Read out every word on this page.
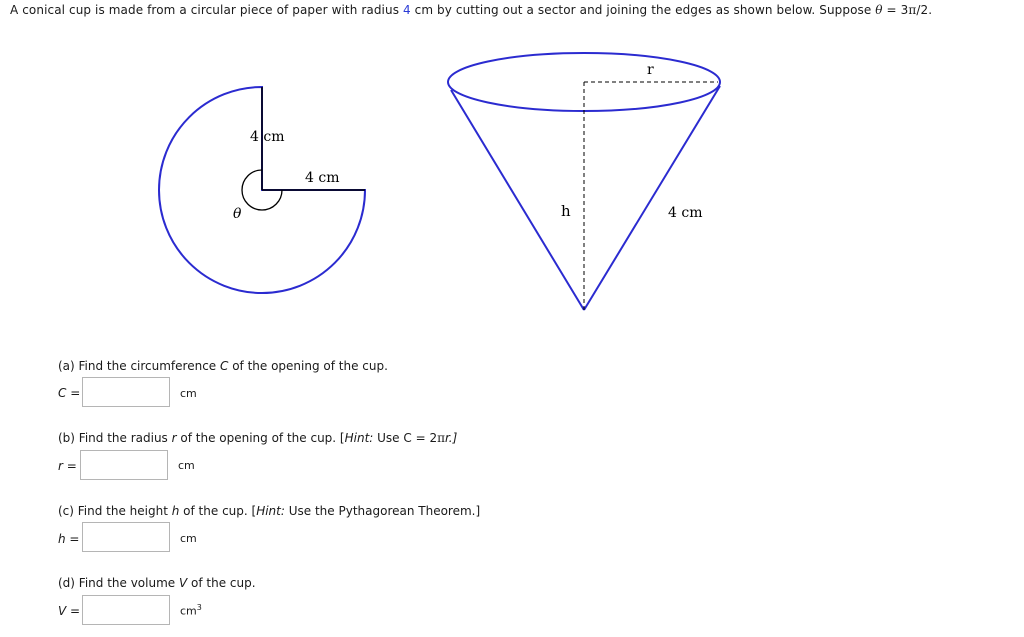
A conical cup is made from a circular piece of paper with radius 4 cm by cutting out a sector and joining the edges as shown below. Suppose θ = 3π/2.
4 cm
4 cm
θ
r
h	4 cm
(a) Find the circumference C of the opening of the cup.
C =	cm
(b) Find the radius r of the opening of the cup. [Hint: Use C = 2πr.]
r =	cm
(c) Find the height h of the cup. [Hint: Use the Pythagorean Theorem.]
h =	cm
(d) Find the volume V of the cup.
V =	$cm^3$
